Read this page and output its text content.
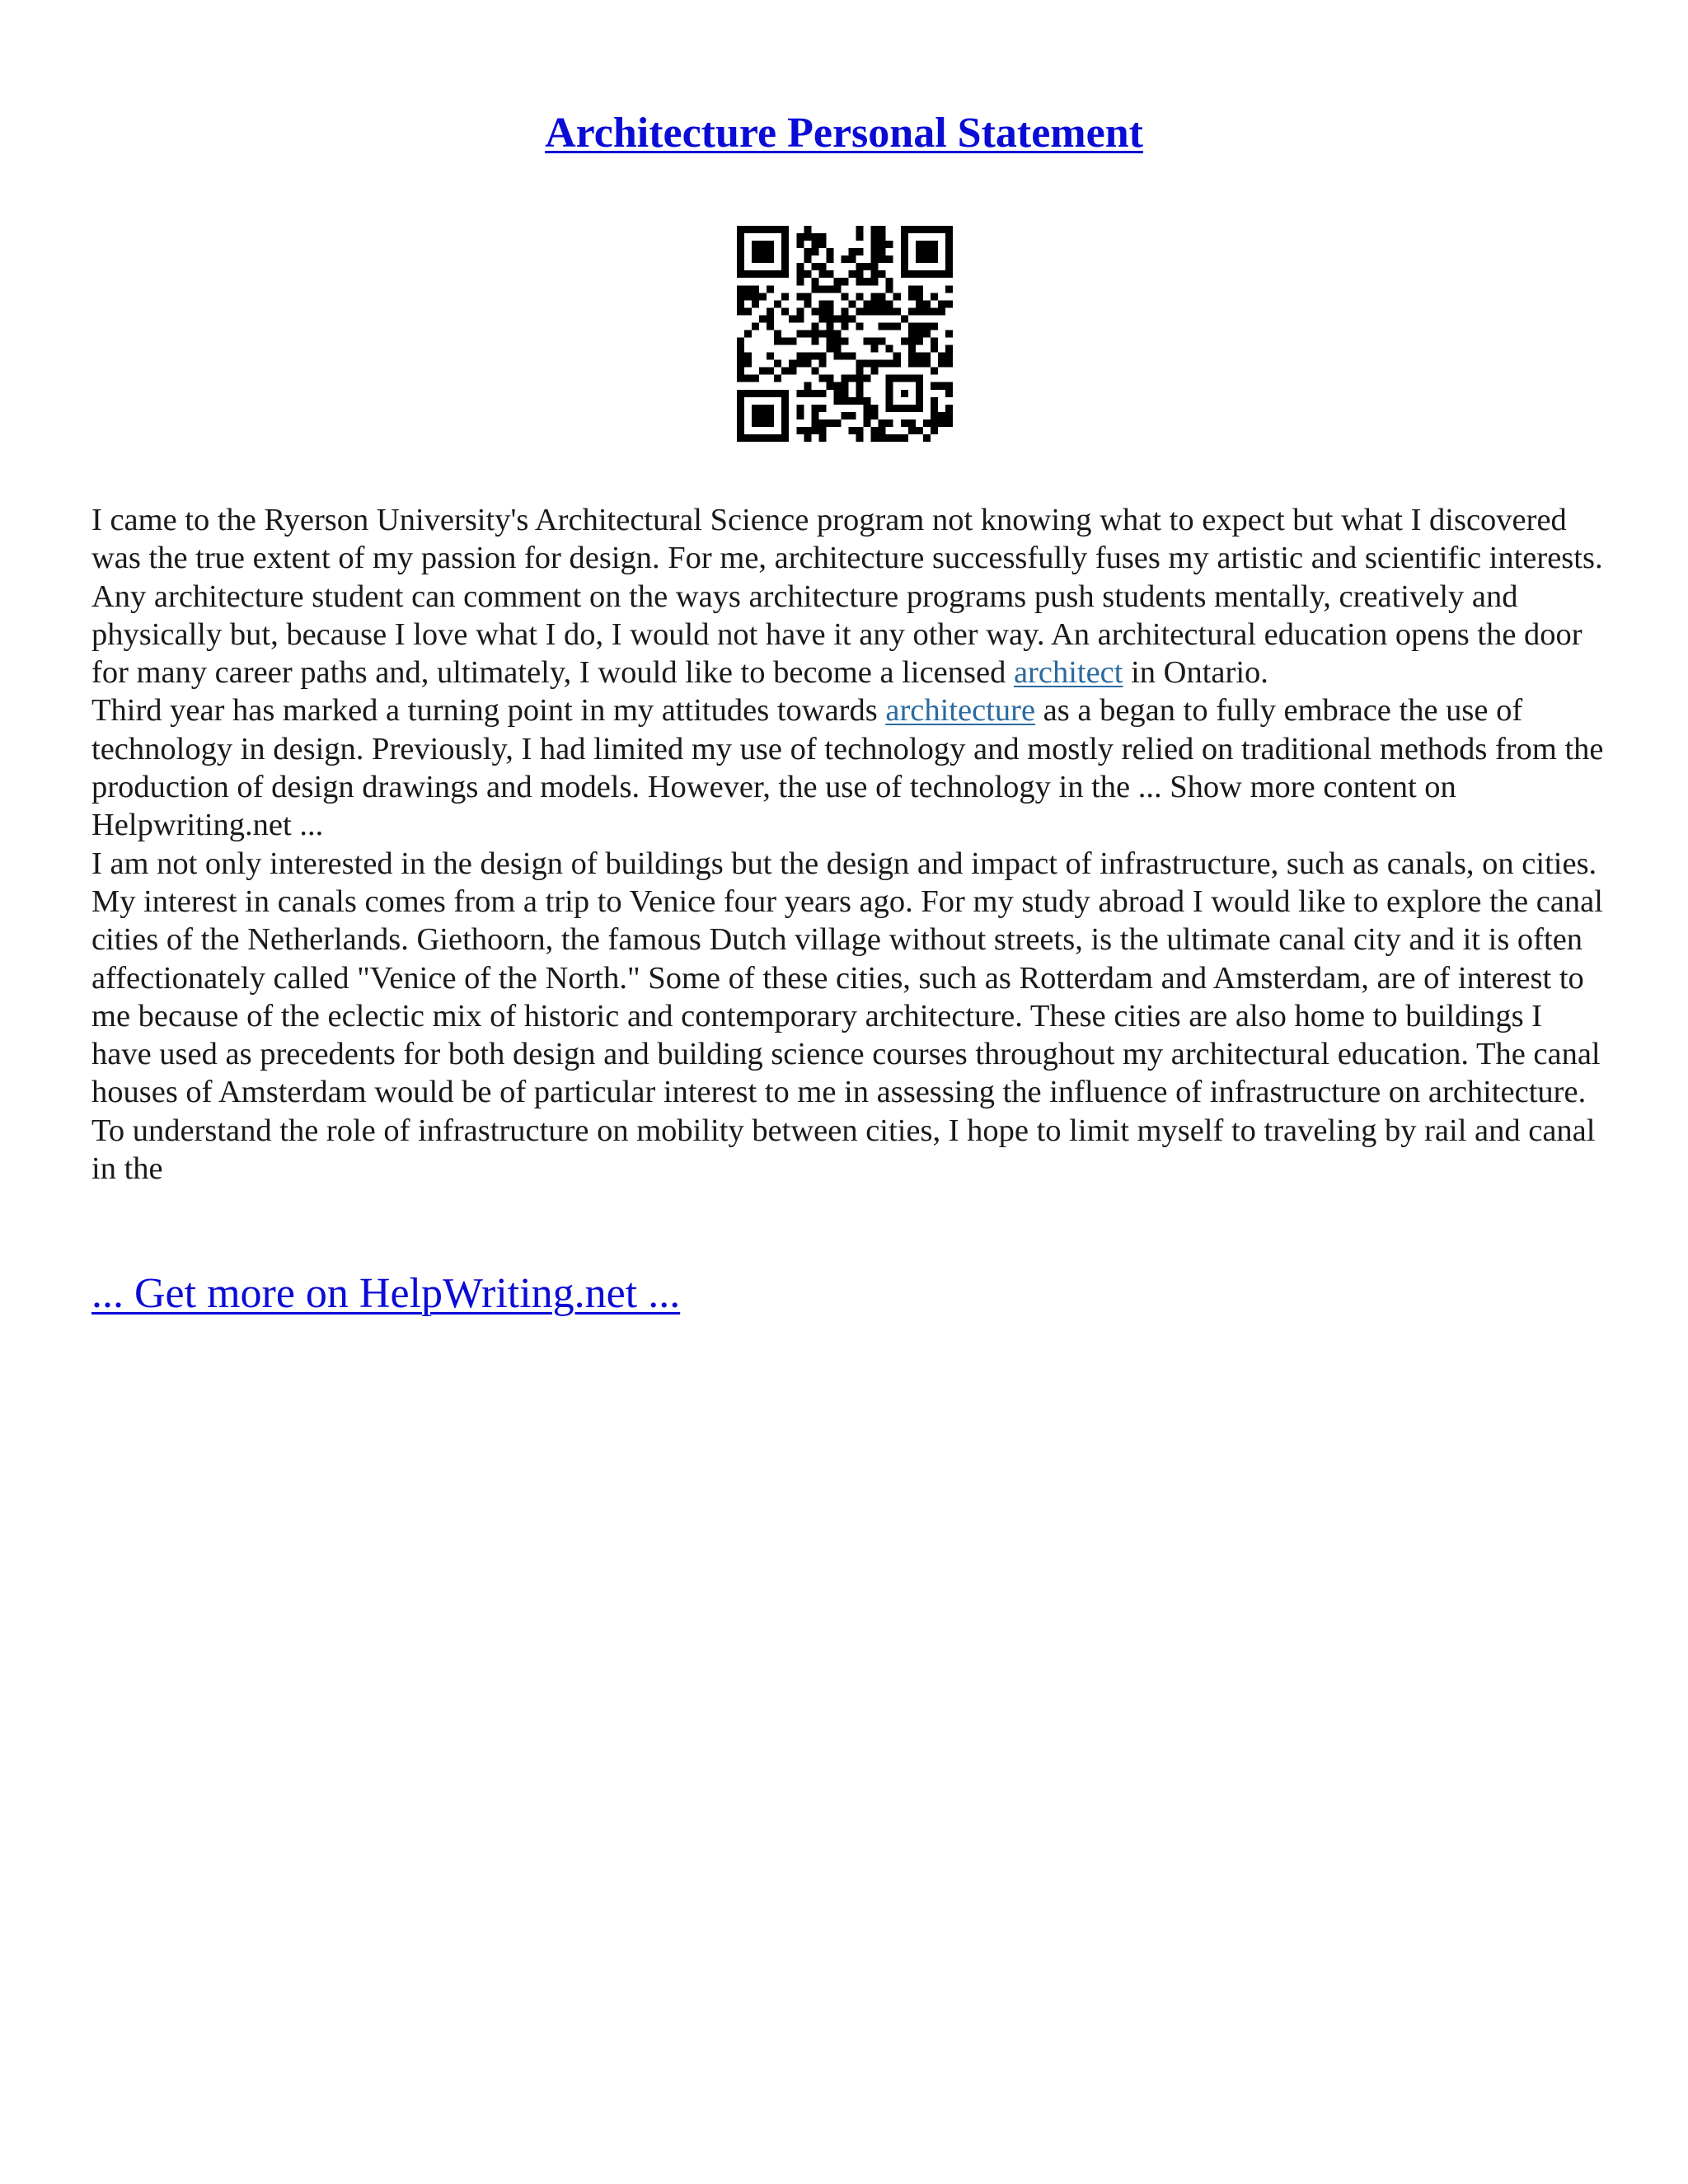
Architecture Personal Statement

I came to the Ryerson University's Architectural Science program not knowing what to expect but what I discovered was the true extent of my passion for design. For me, architecture successfully fuses my artistic and scientific interests. Any architecture student can comment on the ways architecture programs push students mentally, creatively and physically but, because I love what I do, I would not have it any other way. An architectural education opens the door for many career paths and, ultimately, I would like to become a licensed architect in Ontario.

Third year has marked a turning point in my attitudes towards architecture as a began to fully embrace the use of technology in design. Previously, I had limited my use of technology and mostly relied on traditional methods from the production of design drawings and models. However, the use of technology in the ... Show more content on Helpwriting.net ...

I am not only interested in the design of buildings but the design and impact of infrastructure, such as canals, on cities. My interest in canals comes from a trip to Venice four years ago. For my study abroad I would like to explore the canal cities of the Netherlands. Giethoorn, the famous Dutch village without streets, is the ultimate canal city and it is often affectionately called "Venice of the North." Some of these cities, such as Rotterdam and Amsterdam, are of interest to me because of the eclectic mix of historic and contemporary architecture. These cities are also home to buildings I have used as precedents for both design and building science courses throughout my architectural education. The canal houses of Amsterdam would be of particular interest to me in assessing the influence of infrastructure on architecture. To understand the role of infrastructure on mobility between cities, I hope to limit myself to traveling by rail and canal in the

... Get more on HelpWriting.net ...
